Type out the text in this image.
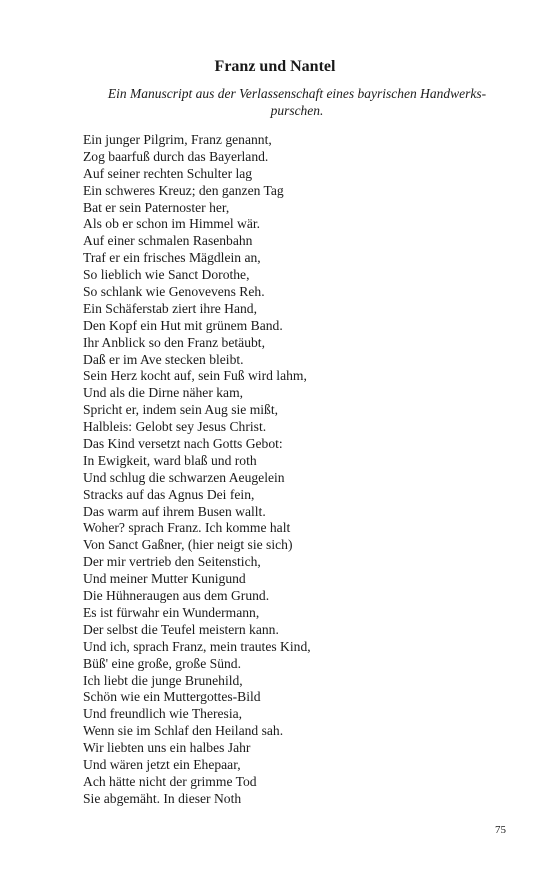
Franz und Nantel

Ein Manuscript aus der Verlassenschaft eines bayrischen Handwerks-
purschen.

Ein junger Pilgrim, Franz genannt,
Zog baarfuß durch das Bayerland.
Auf seiner rechten Schulter lag
Ein schweres Kreuz; den ganzen Tag
Bat er sein Paternoster her,
Als ob er schon im Himmel wär.
Auf einer schmalen Rasenbahn
Traf er ein frisches Mägdlein an,
So lieblich wie Sanct Dorothe,
So schlank wie Genovevens Reh.
Ein Schäferstab ziert ihre Hand,
Den Kopf ein Hut mit grünem Band.
Ihr Anblick so den Franz betäubt,
Daß er im Ave stecken bleibt.
Sein Herz kocht auf, sein Fuß wird lahm,
Und als die Dirne näher kam,
Spricht er, indem sein Aug sie mißt,
Halbleis: Gelobt sey Jesus Christ.
Das Kind versetzt nach Gotts Gebot:
In Ewigkeit, ward blaß und roth
Und schlug die schwarzen Aeugelein
Stracks auf das Agnus Dei fein,
Das warm auf ihrem Busen wallt.
Woher? sprach Franz. Ich komme halt
Von Sanct Gaßner, (hier neigt sie sich)
Der mir vertrieb den Seitenstich,
Und meiner Mutter Kunigund
Die Hühneraugen aus dem Grund.
Es ist fürwahr ein Wundermann,
Der selbst die Teufel meistern kann.
Und ich, sprach Franz, mein trautes Kind,
Büß' eine große, große Sünd.
Ich liebt die junge Brunehild,
Schön wie ein Muttergottes-Bild
Und freundlich wie Theresia,
Wenn sie im Schlaf den Heiland sah.
Wir liebten uns ein halbes Jahr
Und wären jetzt ein Ehepaar,
Ach hätte nicht der grimme Tod
Sie abgemäht. In dieser Noth
75
